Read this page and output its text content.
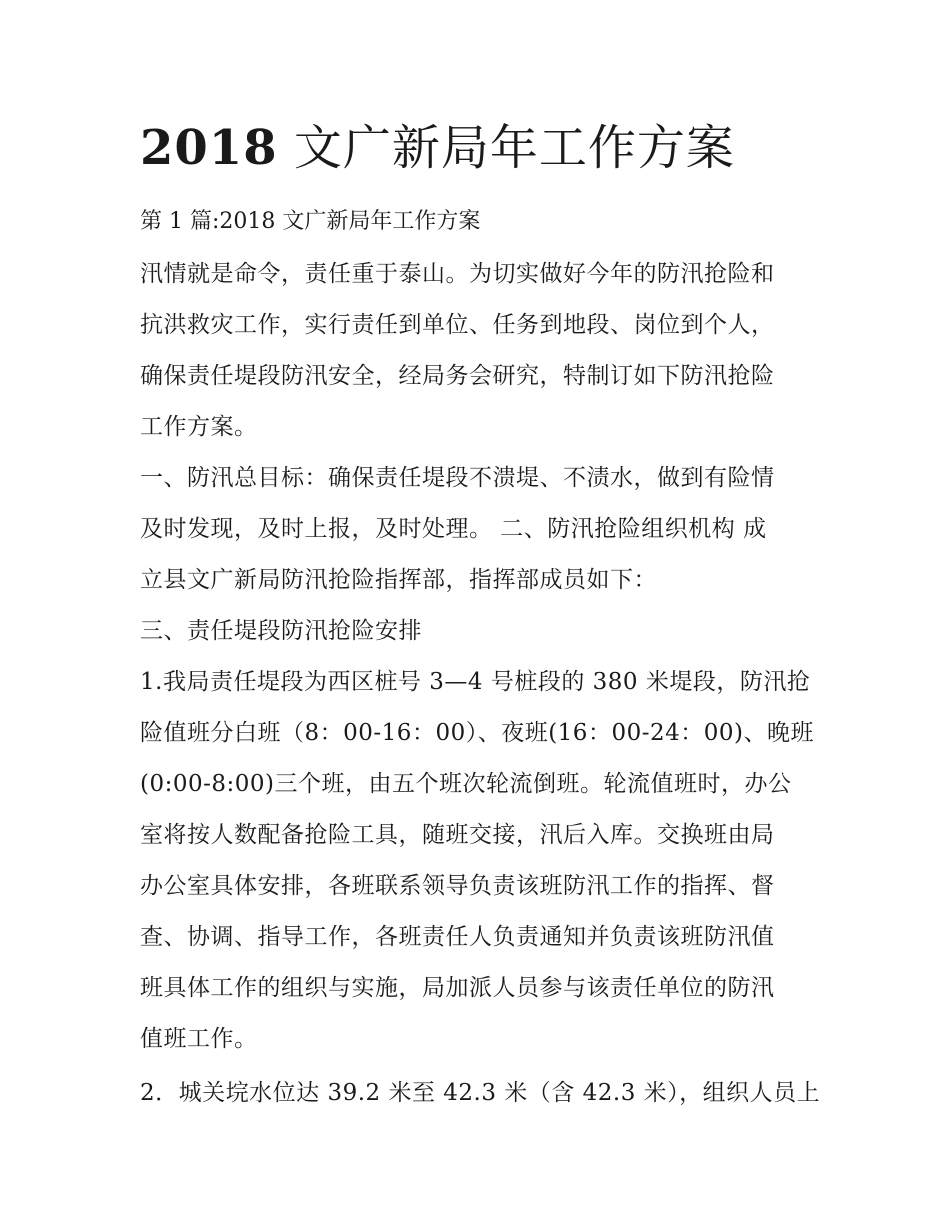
2018 文广新局年工作方案
第 1 篇:2018 文广新局年工作方案
汛情就是命令，责任重于泰山。为切实做好今年的防汛抢险和
抗洪救灾工作，实行责任到单位、任务到地段、岗位到个人，
确保责任堤段防汛安全，经局务会研究，特制订如下防汛抢险
工作方案。
一、防汛总目标：确保责任堤段不溃堤、不渍水，做到有险情
及时发现，及时上报，及时处理。 二、防汛抢险组织机构 成
立县文广新局防汛抢险指挥部，指挥部成员如下：
三、责任堤段防汛抢险安排
1.我局责任堤段为西区桩号 3—4 号桩段的 380 米堤段，防汛抢
险值班分白班（8：00-16：00）、夜班(16：00-24：00)、晚班
(0:00-8:00)三个班，由五个班次轮流倒班。轮流值班时，办公
室将按人数配备抢险工具，随班交接，汛后入库。交换班由局
办公室具体安排，各班联系领导负责该班防汛工作的指挥、督
查、协调、指导工作，各班责任人负责通知并负责该班防汛值
班具体工作的组织与实施，局加派人员参与该责任单位的防汛
值班工作。
2．城关垸水位达 39.2 米至 42.3 米（含 42.3 米），组织人员上
